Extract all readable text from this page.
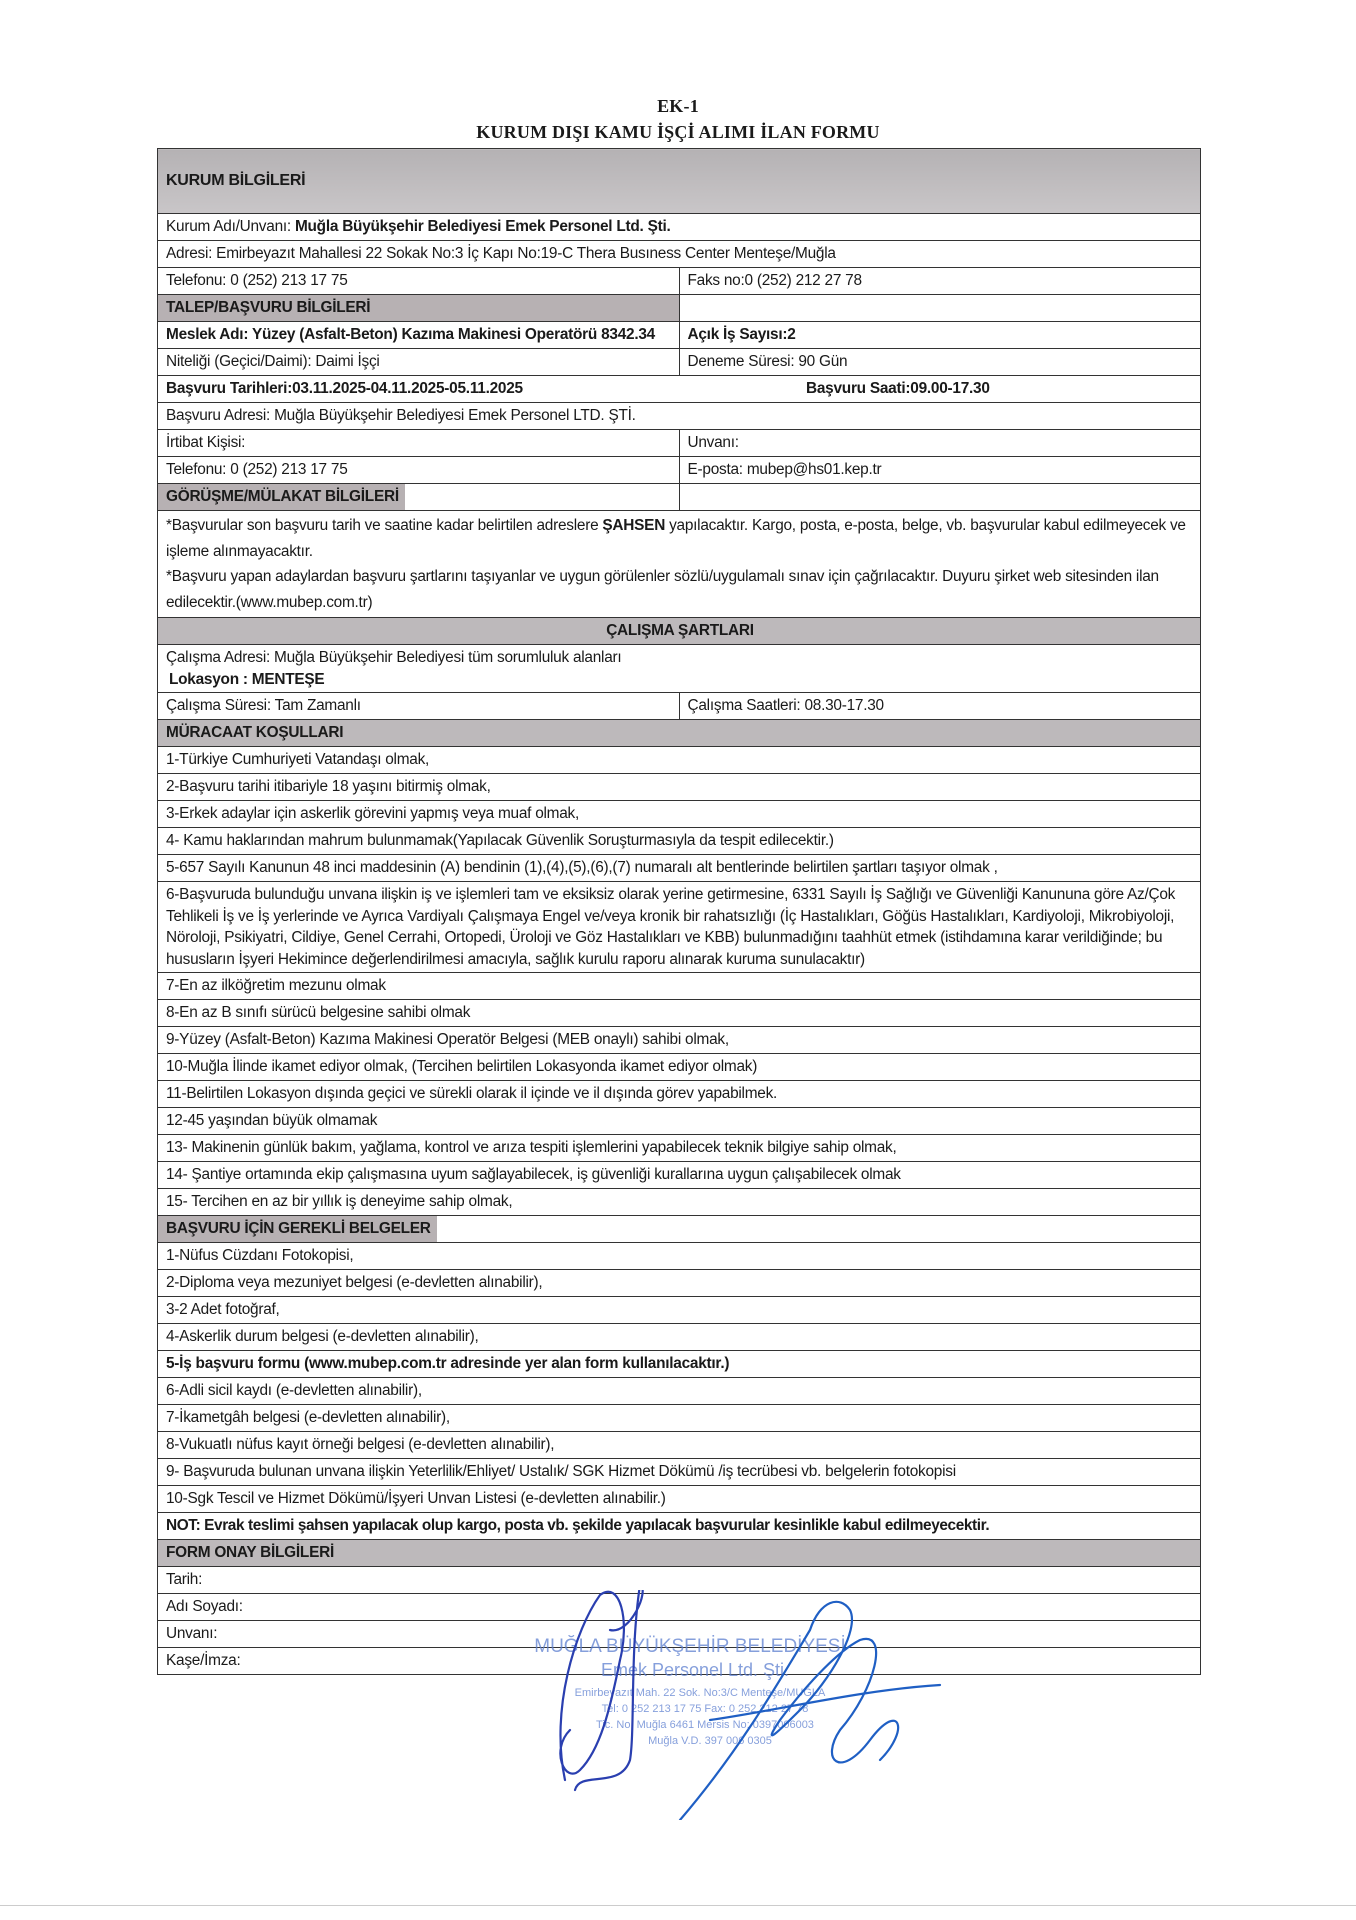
EK-1
KURUM DIŞI KAMU İŞÇİ ALIMI İLAN FORMU
KURUM BİLGİLERİ	
Kurum Adı/Unvanı: Muğla Büyükşehir Belediyesi Emek Personel Ltd. Şti.	
Adresi: Emirbeyazıt Mahallesi 22 Sokak No:3 İç Kapı No:19-C Thera Busıness Center Menteşe/Muğla	
Telefonu: 0 (252) 213 17 75	Faks no:0 (252) 212 27 78
TALEP/BAŞVURU BİLGİLERİ	
Meslek Adı: Yüzey (Asfalt-Beton) Kazıma Makinesi Operatörü 8342.34	Açık İş Sayısı:2
Niteliği (Geçici/Daimi): Daimi İşçi	Deneme Süresi: 90 Gün
Başvuru Tarihleri:03.11.2025-04.11.2025-05.11.2025 Başvuru Saati:09.00-17.30	
Başvuru Adresi: Muğla Büyükşehir Belediyesi Emek Personel LTD. ŞTİ.	
İrtibat Kişisi:	Unvanı:
Telefonu: 0 (252) 213 17 75	E-posta: mubep@hs01.kep.tr
GÖRÜŞME/MÜLAKAT BİLGİLERİ	

*Başvurular son başvuru tarih ve saatine kadar belirtilen adreslere ŞAHSEN yapılacaktır. Kargo, posta, e-posta, belge, vb. başvurular kabul edilmeyecek ve işleme alınmayacaktır.
*Başvuru yapan adaylardan başvuru şartlarını taşıyanlar ve uygun görülenler sözlü/uygulamalı sınav için çağrılacaktır. Duyuru şirket web sitesinden ilan edilecektir.(www.mubep.com.tr)	

ÇALIŞMA ŞARTLARI	

Çalışma Adresi: Muğla Büyükşehir Belediyesi tüm sorumluluk alanları
Lokasyon : MENTEŞE	

Çalışma Süresi: Tam Zamanlı	Çalışma Saatleri: 08.30-17.30
MÜRACAAT KOŞULLARI	
1-Türkiye Cumhuriyeti Vatandaşı olmak,	
2-Başvuru tarihi itibariyle 18 yaşını bitirmiş olmak,	
3-Erkek adaylar için askerlik görevini yapmış veya muaf olmak,	
4- Kamu haklarından mahrum bulunmamak(Yapılacak Güvenlik Soruşturmasıyla da tespit edilecektir.)	
5-657 Sayılı Kanunun 48 inci maddesinin (A) bendinin (1),(4),(5),(6),(7) numaralı alt bentlerinde belirtilen şartları taşıyor olmak ,	
6-Başvuruda bulunduğu unvana ilişkin iş ve işlemleri tam ve eksiksiz olarak yerine getirmesine, 6331 Sayılı İş Sağlığı ve Güvenliği Kanununa göre Az/Çok Tehlikeli İş ve İş yerlerinde ve Ayrıca Vardiyalı Çalışmaya Engel ve/veya kronik bir rahatsızlığı (İç Hastalıkları, Göğüs Hastalıkları, Kardiyoloji, Mikrobiyoloji, Nöroloji, Psikiyatri, Cildiye, Genel Cerrahi, Ortopedi, Üroloji ve Göz Hastalıkları ve KBB) bulunmadığını taahhüt etmek (istihdamına karar verildiğinde; bu hususların İşyeri Hekimince değerlendirilmesi amacıyla, sağlık kurulu raporu alınarak kuruma sunulacaktır)	
7-En az ilköğretim mezunu olmak	
8-En az B sınıfı sürücü belgesine sahibi olmak	
9-Yüzey (Asfalt-Beton) Kazıma Makinesi Operatör Belgesi (MEB onaylı) sahibi olmak,	
10-Muğla İlinde ikamet ediyor olmak, (Tercihen belirtilen Lokasyonda ikamet ediyor olmak)	
11-Belirtilen Lokasyon dışında geçici ve sürekli olarak il içinde ve il dışında görev yapabilmek.	
12-45 yaşından büyük olmamak	
13- Makinenin günlük bakım, yağlama, kontrol ve arıza tespiti işlemlerini yapabilecek teknik bilgiye sahip olmak,	
14- Şantiye ortamında ekip çalışmasına uyum sağlayabilecek, iş güvenliği kurallarına uygun çalışabilecek olmak	
15- Tercihen en az bir yıllık iş deneyime sahip olmak,	
BAŞVURU İÇİN GEREKLİ BELGELER	
1-Nüfus Cüzdanı Fotokopisi,	
2-Diploma veya mezuniyet belgesi (e-devletten alınabilir),	
3-2 Adet fotoğraf,	
4-Askerlik durum belgesi (e-devletten alınabilir),	
5-İş başvuru formu (www.mubep.com.tr adresinde yer alan form kullanılacaktır.)	
6-Adli sicil kaydı (e-devletten alınabilir),	
7-İkametgâh belgesi (e-devletten alınabilir),	
8-Vukuatlı nüfus kayıt örneği belgesi (e-devletten alınabilir),	
9- Başvuruda bulunan unvana ilişkin Yeterlilik/Ehliyet/ Ustalık/ SGK Hizmet Dökümü /iş tecrübesi vb. belgelerin fotokopisi	
10-Sgk Tescil ve Hizmet Dökümü/İşyeri Unvan Listesi (e-devletten alınabilir.)	
NOT: Evrak teslimi şahsen yapılacak olup kargo, posta vb. şekilde yapılacak başvurular kesinlikle kabul edilmeyecektir.	
FORM ONAY BİLGİLERİ	
Tarih:	
Adı Soyadı:	
Unvanı:	
Kaşe/İmza:	
MUĞLA BÜYÜKŞEHİR BELEDİYESİ
Emek Personel Ltd. Şti.
Emirbeyazıt Mah. 22 Sok. No:3/C Menteşe/MUĞLA
Tel: 0 252 213 17 75 Fax: 0 252 212 27 78
Tic. No: Muğla 6461 Mersis No: 0397006003
Muğla V.D. 397 006 0305
